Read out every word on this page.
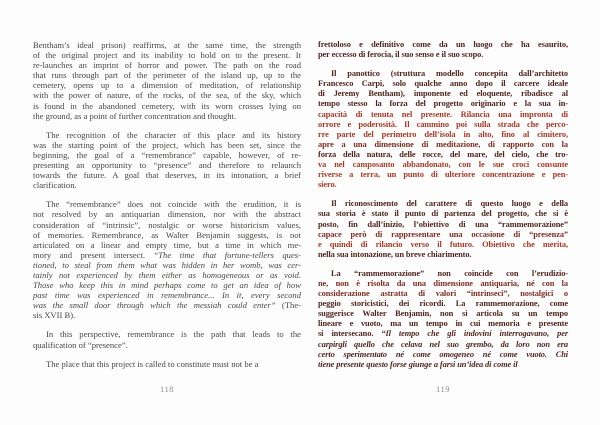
Bentham’s ideal prison) reaffirms, at the same time, the strength
of the original project and its inability to hold on to the present. It
re-launches an imprint of horror and power. The path on the road
that runs through part of the perimeter of the island up, up to the
cemetery, opens up to a dimension of meditation, of relationship
with the power of nature, of the rocks, of the sea, of the sky, which
is found in the abandoned cemetery, with its worn crosses lying on
the ground, as a point of further concentration and thought.
The recognition of the character of this place and its history
was the starting point of the project, which has been set, since the
beginning, the goal of a “remembrance” capable, however, of re-
presenting an opportunity to “presence” and therefore to relaunch
towards the future. A goal that deserves, in its intonation, a brief
clarification.
The “remembrance” does not coincide with the erudition, it is
not resolved by an antiquarian dimension, nor with the abstract
consideration of “intrinsic”, nostalgic or worse historicism values,
of memories. Remembrance, as Walter Benjamin suggests, is not
articulated on a linear and empty time, but a time in which me-
mory and present intersect. “The time that fortune-tellers ques-
tioned, to steal from them what was hidden in her womb, was cer-
tainly not experienced by them either as homogeneous or as void.
Those who keep this in mind perhaps come to get an idea of how
past time was experienced in remembrance... In it, every second
was the small door through which the messiah could enter” (The-
sis XVII B).
In this perspective, remembrance is the path that leads to the
qualification of “presence”.
The place that this project is called to constitute must not be a
frettoloso e definitivo come da un luogo che ha esaurito,
per eccesso di ferocia, il suo senso e il suo scopo.
Il panottico (struttura modello concepita dall’architetto
Francesco Carpi, solo qualche anno dopo il carcere ideale
di Jeremy Bentham), imponente ed eloquente, ribadisce al
tempo stesso la forza del progetto originario e la sua in-
capacità di tenuta nel presente. Rilancia una impronta di
orrore e poderosità. Il cammino poi sulla strada che perco-
rre parte del perimetro dell’isola in alto, fino al cimitero,
apre a una dimensione di meditazione, di rapporto con la
forza della natura, delle rocce, del mare, del cielo, che tro-
va nel camposanto abbandonato, con le sue croci consunte
riverse a terra, un punto di ulteriore concentrazione e pen-
siero.
Il riconoscimento del carattere di questo luogo e della
sua storia è stato il punto di partenza del progetto, che si è
posto, fin dall’inizio, l’obiettivo di una “rammemorazione”
capace però di rappresentare una occasione di “presenza”
e quindi di rilancio verso il futuro. Obiettivo che merita,
nella sua intonazione, un breve chiarimento.
La “rammemorazione” non coincide con l’erudizio-
ne, non è risolta da una dimensione antiquaria, né con la
considerazione astratta di valori “intrinseci”, nostalgici o
peggio storicistici, dei ricordi. La rammemorazione, come
suggerisce Walter Benjamin, non si articola su un tempo
lineare e vuoto, ma un tempo in cui memoria e presente
si intersecano. “Il tempo che gli indovini interrogavano, per
carpirgli quello che celava nel suo grembo, da loro non era
certo sperimentato né come omogeneo né come vuoto. Chi
tiene presente questo forse giunge a farsi un’idea di come il
118	119
